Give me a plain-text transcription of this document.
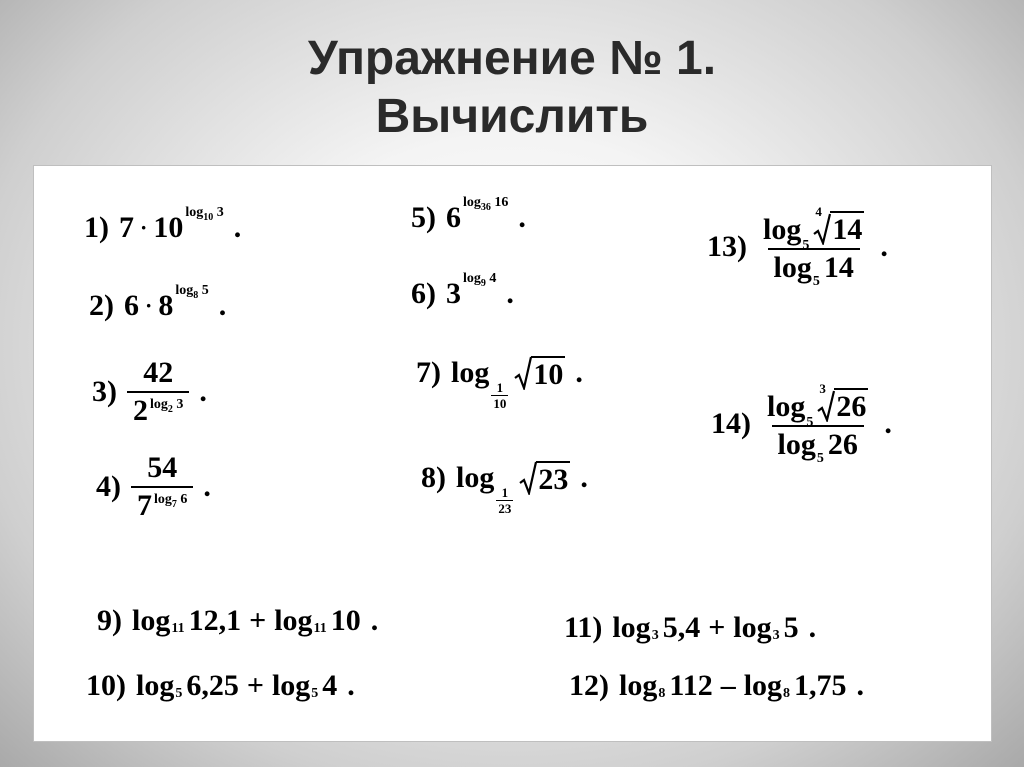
Упражнение № 1.
Вычислить
1) 7 · 10 $\log_{10} 3$ .
2) 6 · 8 $\log_8 5$ .
$3) \frac{42}{2 ^{log_2 3}}$ .
$4) \frac{54}{7 ^{log_7 6}}$ .
5) 6 $\log_{36} 16$ .
6) 3 $\log_9 4$ .
7) log
$\frac{1}{10}$
10 .
8) log
$\frac{1}{23}$
23 .
13) log 5
4
14
$\log_5 14$ .
14) log 5
3
26
$\log_5 26$ .
9) log 11 12,1 + log 11 10 .
10) log 5 6,25 + log 5 4 .
11) log 3 5,4 + log 3 5 .
12) log 8 112 – log 8 1,75 .
